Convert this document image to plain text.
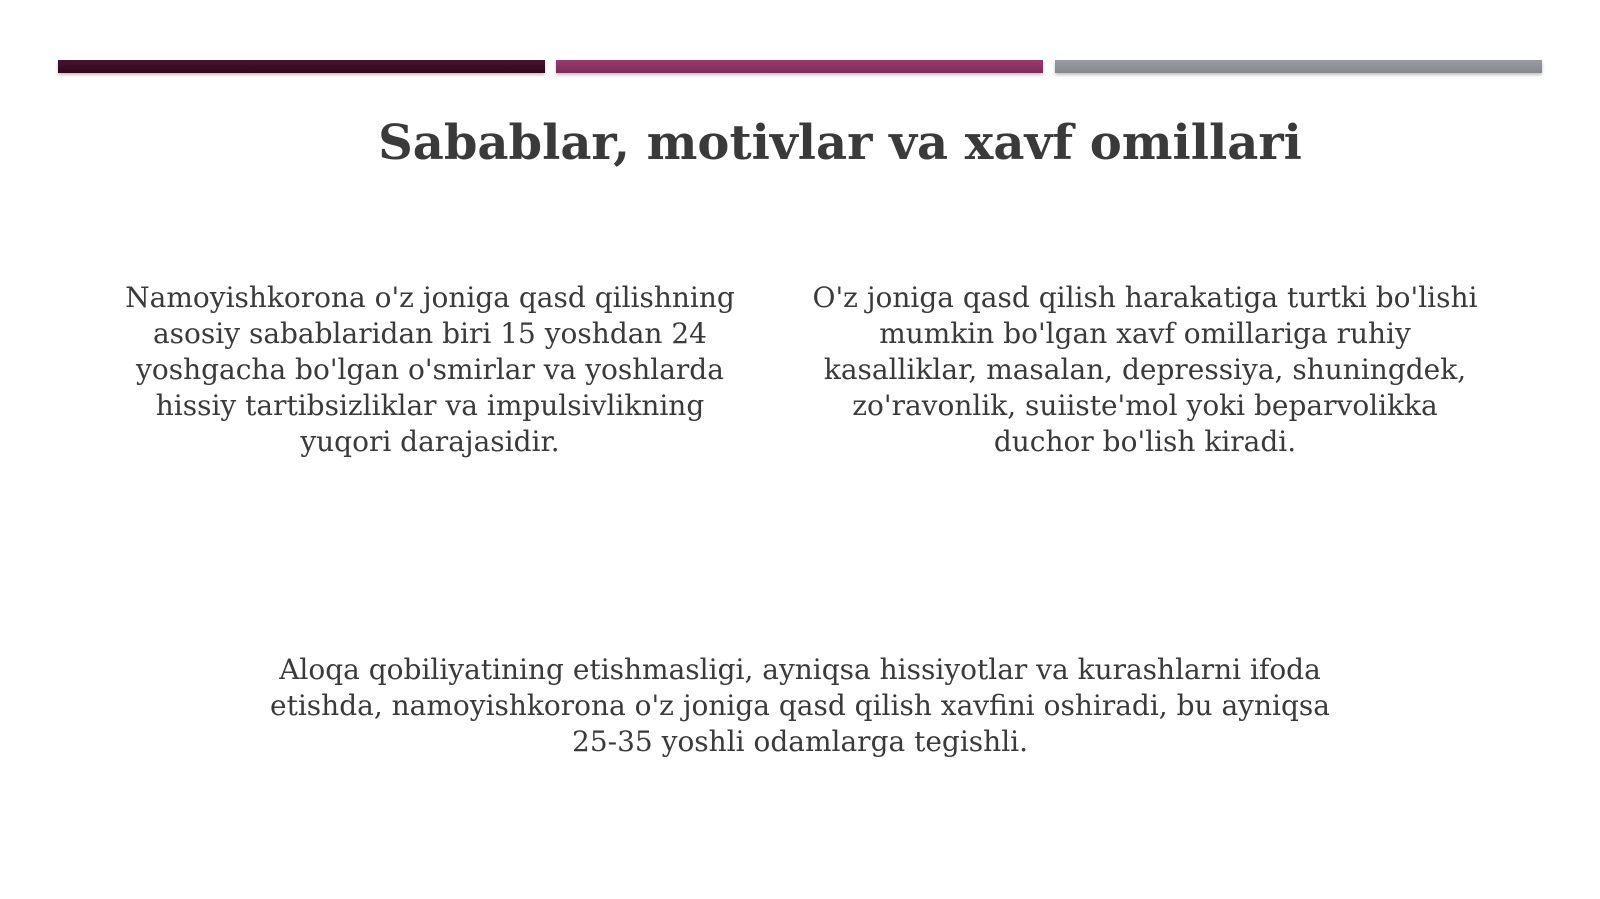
Sabablar, motivlar va xavf omillari

Namoyishkorona o'z joniga qasd qilishning asosiy sabablaridan biri 15 yoshdan 24 yoshgacha bo'lgan o'smirlar va yoshlarda hissiy tartibsizliklar va impulsivlikning yuqori darajasidir.

O'z joniga qasd qilish harakatiga turtki bo'lishi mumkin bo'lgan xavf omillariga ruhiy kasalliklar, masalan, depressiya, shuningdek, zo'ravonlik, suiiste'mol yoki beparvolikka duchor bo'lish kiradi.

Aloqa qobiliyatining etishmasligi, ayniqsa hissiyotlar va kurashlarni ifoda etishda, namoyishkorona o'z joniga qasd qilish xavfini oshiradi, bu ayniqsa 25-35 yoshli odamlarga tegishli.
